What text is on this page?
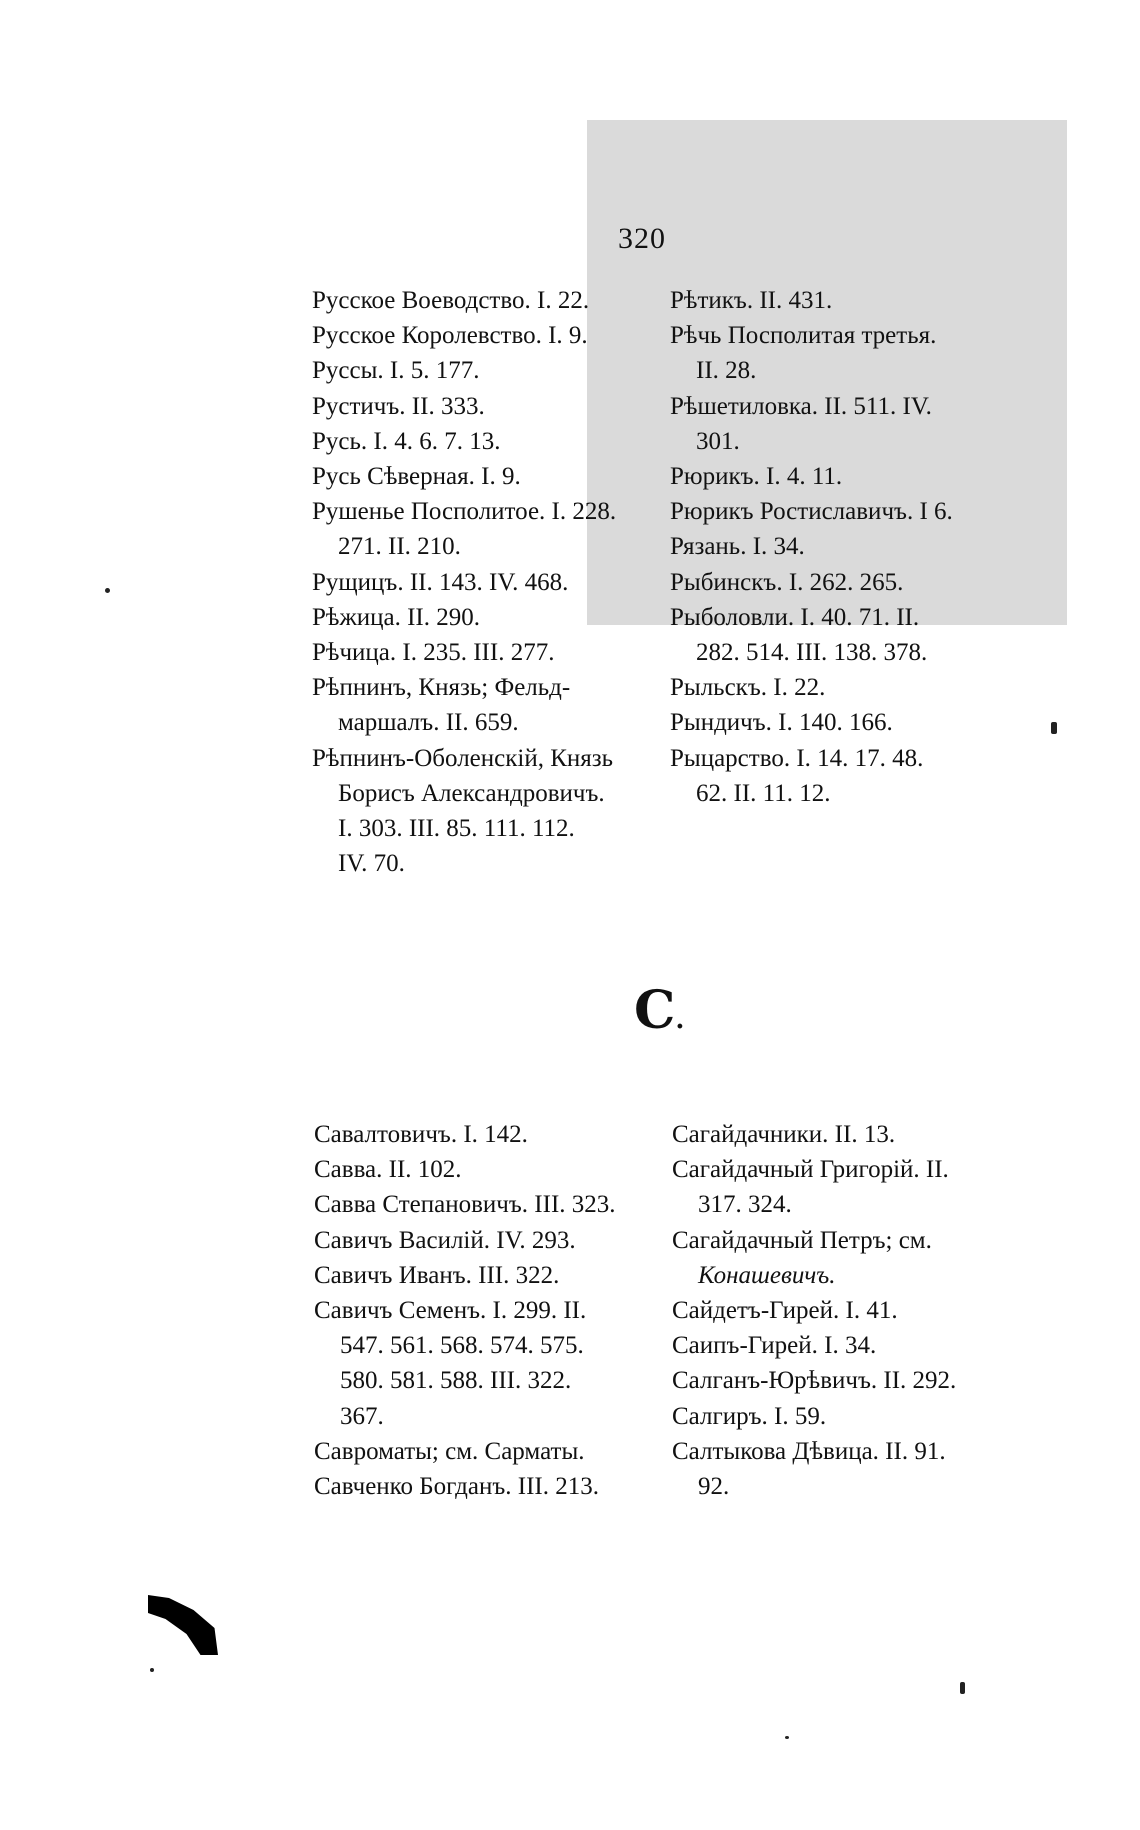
320

Русское Воеводство. I. 22.

Русское Королевство. I. 9.

Руссы. I. 5. 177.

Рустичъ. II. 333.

Русь. I. 4. 6. 7. 13.

Русь Сѣверная. I. 9.

Рушенье Посполитое. I. 228.

271. II. 210.

Рущицъ. II. 143. IV. 468.

Рѣжица. II. 290.

Рѣчица. I. 235. III. 277.

Рѣпнинъ, Князь; Фельд-

маршалъ. II. 659.

Рѣпнинъ-Оболенскій, Князь

Борисъ Александровичъ.

I. 303. III. 85. 111. 112.

IV. 70.

Рѣтикъ. II. 431.

Рѣчь Посполитая третья.

II. 28.

Рѣшетиловка. II. 511. IV.

301.

Рюрикъ. I. 4. 11.

Рюрикъ Ростиславичъ. I 6.

Рязань. I. 34.

Рыбинскъ. I. 262. 265.

Рыболовли. I. 40. 71. II.

282. 514. III. 138. 378.

Рыльскъ. I. 22.

Рындичъ. I. 140. 166.

Рыцарство. I. 14. 17. 48.

62. II. 11. 12.

С.

Савалтовичъ. I. 142.

Савва. II. 102.

Савва Степановичъ. III. 323.

Савичъ Василій. IV. 293.

Савичъ Иванъ. III. 322.

Савичъ Семенъ. I. 299. II.

547. 561. 568. 574. 575.

580. 581. 588. III. 322.

367.

Савроматы; см. Сарматы.

Савченко Богданъ. III. 213.

Сагайдачники. II. 13.

Сагайдачный Григорій. II.

317. 324.

Сагайдачный Петръ; см.

Конашевичъ.

Сайдетъ-Гирей. I. 41.

Саипъ-Гирей. I. 34.

Салганъ-Юрѣвичъ. II. 292.

Салгиръ. I. 59.

Салтыкова Дѣвица. II. 91.

92.
